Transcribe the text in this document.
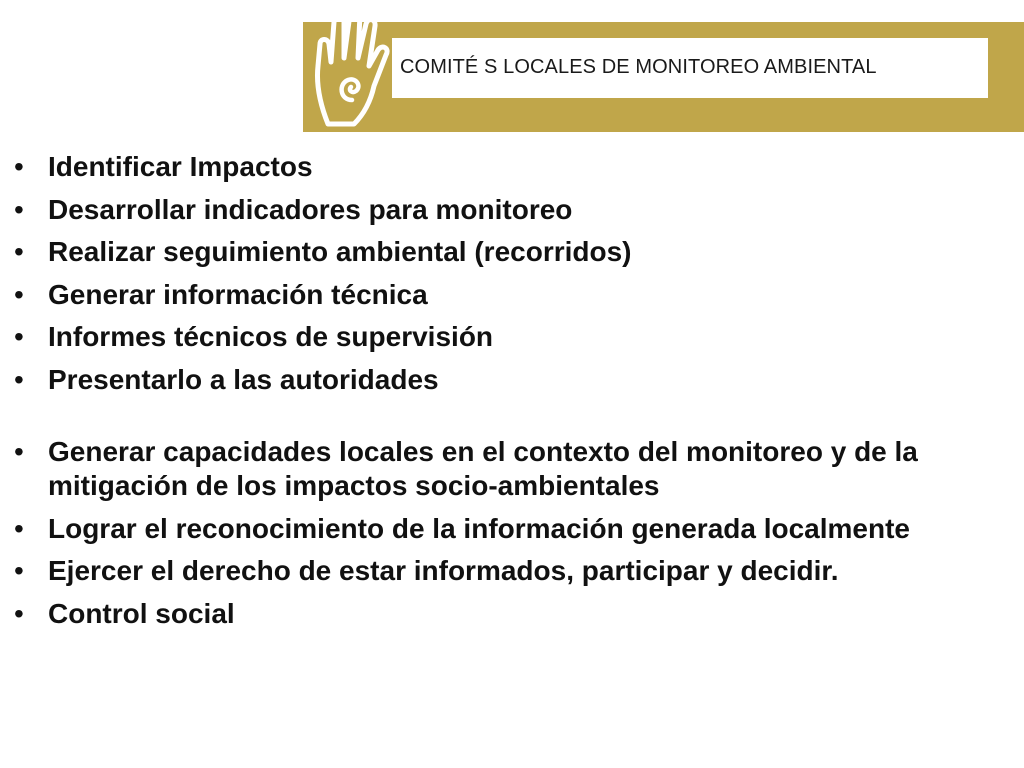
COMITÉ S LOCALES DE MONITOREO AMBIENTAL
• Identificar Impactos
• Desarrollar indicadores para monitoreo
• Realizar seguimiento ambiental (recorridos)
• Generar información técnica
• Informes técnicos de supervisión
• Presentarlo a las autoridades
• Generar capacidades locales en el contexto del monitoreo y de la mitigación de los impactos socio-ambientales
• Lograr el reconocimiento de la información generada localmente
• Ejercer el derecho de estar informados, participar y decidir.
• Control social
